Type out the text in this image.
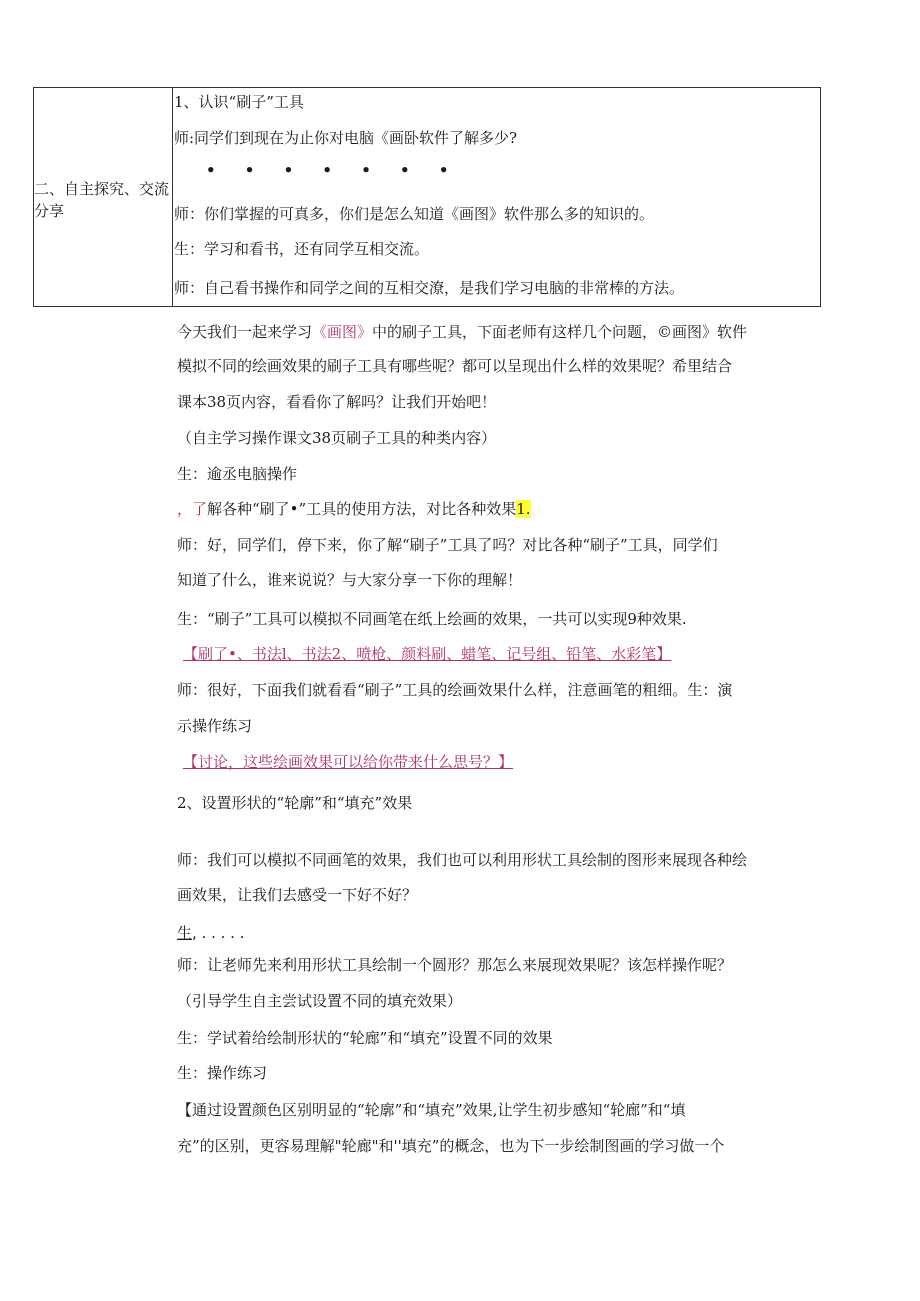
二、自主探究、交流分享
1、认识“刷子”工具
师:同学们到现在为止你对电脑《画卧软件了解多少?
• • • • • • •
师：你们掌握的可真多，你们是怎么知道《画图》软件那么多的知识的。
生：学习和看书，还有同学互相交流。
师：自己看书操作和同学之间的互相交潦，是我们学习电脑的非常棒的方法。
今天我们一起来学习《画图》中的刷子工具，下面老师有这样几个问题，©画图》软件
模拟不同的绘画效果的刷子工具有哪些呢？都可以呈现出什么样的效果呢？希里结合
课本38页内容，看看你了解吗？让我们开始吧！
（自主学习操作课文38页刷子工具的种类内容）
生：逾丞电脑操作
，了解各种“刷了•”工具的使用方法，对比各种效果1.
师：好，同学们，停下来，你了解“刷子”工具了吗？对比各种“刷子”工具，同学们
知道了什么，谁来说说？与大家分享一下你的理解！
生：“刷子”工具可以模拟不同画笔在纸上绘画的效果，一共可以实现9种效果.
【刷了•、书法l、书法2、喷枪、颜料刷、蜡笔、记号组、铅笔、水彩笔】
师：很好，下面我们就看看“刷子”工具的绘画效果什么样，注意画笔的粗细。生：演
示操作练习
【讨论，这些绘画效果可以给你带来什么思号？】
2、设置形状的“轮廓”和“填充”效果
师：我们可以模拟不同画笔的效果，我们也可以利用形状工具绘制的图形来展现各种绘
画效果，让我们去感受一下好不好？
生, . . . . .
师：让老师先来利用形状工具绘制一个圆形？那怎么来展现效果呢？该怎样操作呢？
（引导学生自主尝试设置不同的填充效果）
生：学试着给绘制形状的“轮廊”和“填充”设置不同的效果
生：操作练习
【通过设置颜色区别明显的“轮廓”和“填充”效果,让学生初步感知“轮廊”和“填
充”的区别，更容易理解"轮廊"和''填充”的概念，也为下一步绘制图画的学习做一个
